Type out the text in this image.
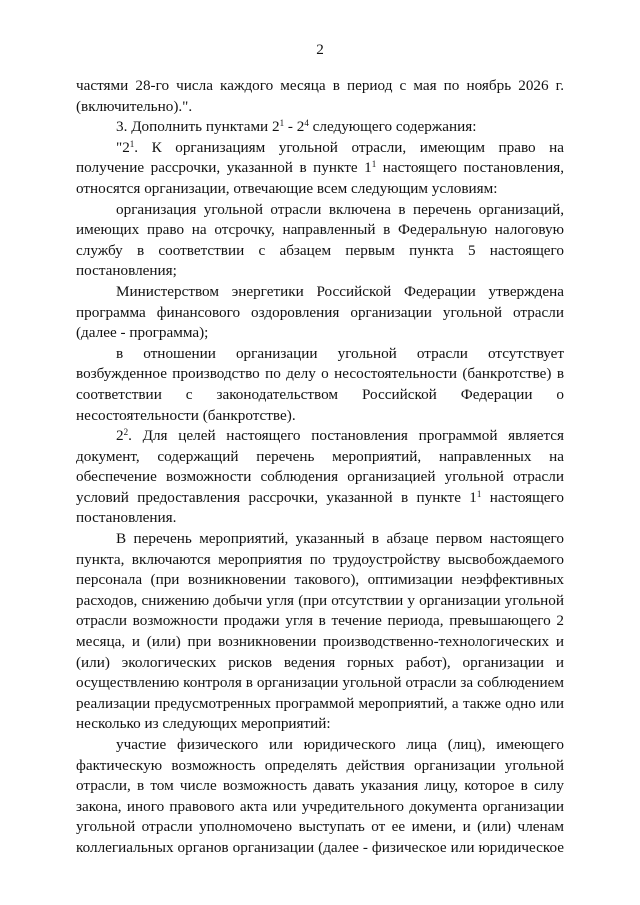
2

частями 28-го числа каждого месяца в период с мая по ноябрь 2026 г. (включительно).".

3. Дополнить пунктами $2^1 - 2^4$ следующего содержания:

"$2^1$. К организациям угольной отрасли, имеющим право на получение рассрочки, указанной в пункте $1^1$ настоящего постановления, относятся организации, отвечающие всем следующим условиям:

организация угольной отрасли включена в перечень организаций, имеющих право на отсрочку, направленный в Федеральную налоговую службу в соответствии с абзацем первым пункта 5 настоящего постановления;

Министерством энергетики Российской Федерации утверждена программа финансового оздоровления организации угольной отрасли (далее - программа);

в отношении организации угольной отрасли отсутствует возбужденное производство по делу о несостоятельности (банкротстве) в соответствии с законодательством Российской Федерации о несостоятельности (банкротстве).

$2^2$. Для целей настоящего постановления программой является документ, содержащий перечень мероприятий, направленных на обеспечение возможности соблюдения организацией угольной отрасли условий предоставления рассрочки, указанной в пункте $1^1$ настоящего постановления.

В перечень мероприятий, указанный в абзаце первом настоящего пункта, включаются мероприятия по трудоустройству высвобождаемого персонала (при возникновении такового), оптимизации неэффективных расходов, снижению добычи угля (при отсутствии у организации угольной отрасли возможности продажи угля в течение периода, превышающего 2 месяца, и (или) при возникновении производственно-технологических и (или) экологических рисков ведения горных работ), организации и осуществлению контроля в организации угольной отрасли за соблюдением реализации предусмотренных программой мероприятий, а также одно или несколько из следующих мероприятий:

участие физического или юридического лица (лиц), имеющего фактическую возможность определять действия организации угольной отрасли, в том числе возможность давать указания лицу, которое в силу закона, иного правового акта или учредительного документа организации угольной отрасли уполномочено выступать от ее имени, и (или) членам коллегиальных органов организации (далее - физическое или юридическое
